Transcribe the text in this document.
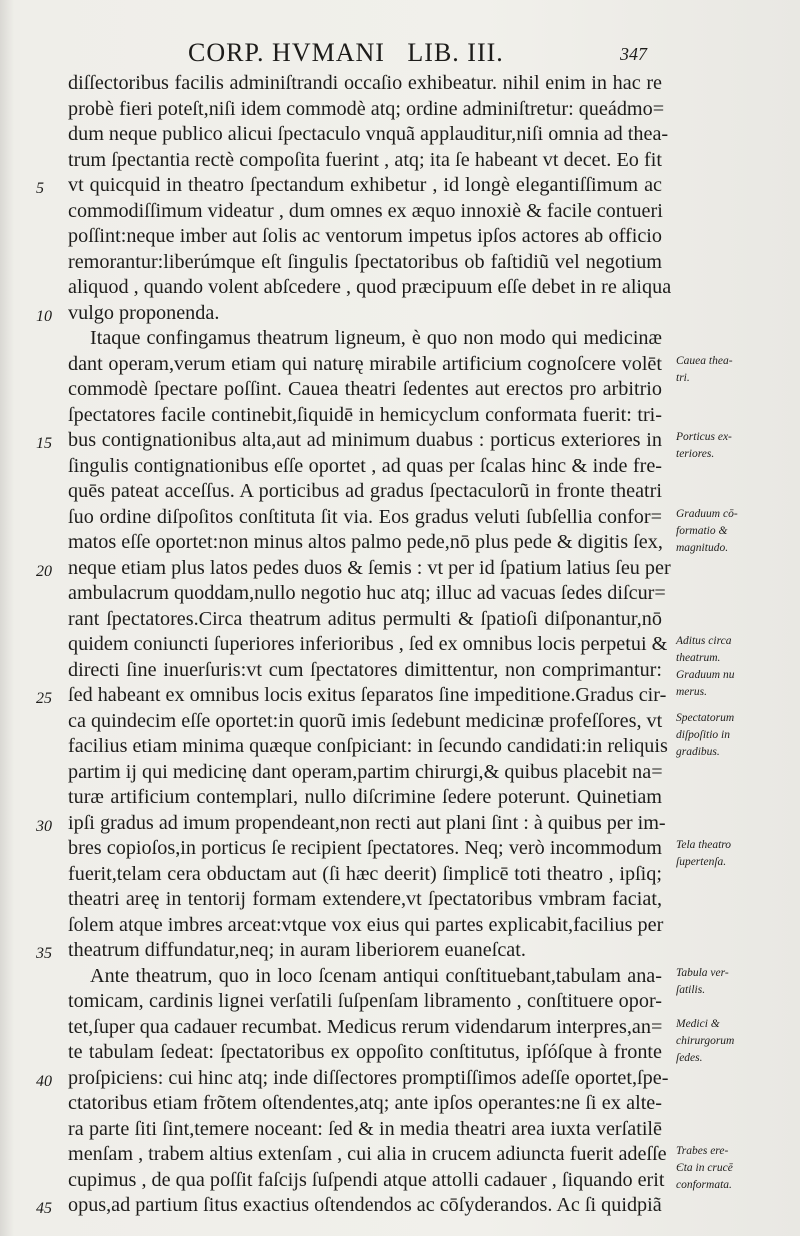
CORP. HVMANI   LIB. III.	347
diſſectoribus facilis adminiſtrandi occaſio exhibeatur. nihil enim in hac re
probè fieri poteſt,niſi idem commodè atq; ordine adminiſtretur: queádmo=
dum neque publico alicui ſpectaculo vnquã applauditur,niſi omnia ad thea-
trum ſpectantia rectè compoſita fuerint , atq; ita ſe habeant vt decet. Eo fit
vt quicquid in theatro ſpectandum exhibetur , id longè elegantiſſimum ac
commodiſſimum videatur , dum omnes ex æquo innoxiè & facile contueri
poſſint:neque imber aut ſolis ac ventorum impetus ipſos actores ab officio
remorantur:liberúmque eſt ſingulis ſpectatoribus ob faſtidiũ vel negotium
aliquod , quando volent abſcedere , quod præcipuum eſſe debet in re aliqua
vulgo proponenda.
Itaque confingamus theatrum ligneum, è quo non modo qui medicinæ
dant operam,verum etiam qui naturę mirabile artificium cognoſcere volēt
commodè ſpectare poſſint. Cauea theatri ſedentes aut erectos pro arbitrio
ſpectatores facile continebit,ſiquidē in hemicyclum conformata fuerit: tri-
bus contignationibus alta,aut ad minimum duabus : porticus exteriores in
ſingulis contignationibus eſſe oportet , ad quas per ſcalas hinc & inde fre-
quēs pateat acceſſus. A porticibus ad gradus ſpectaculorũ in fronte theatri
ſuo ordine diſpoſitos conſtituta ſit via. Eos gradus veluti ſubſellia confor=
matos eſſe oportet:non minus altos palmo pede,nō plus pede & digitis ſex,
neque etiam plus latos pedes duos & ſemis : vt per id ſpatium latius ſeu per
ambulacrum quoddam,nullo negotio huc atq; illuc ad vacuas ſedes diſcur=
rant ſpectatores.Circa theatrum aditus permulti & ſpatioſi diſponantur,nō
quidem coniuncti ſuperiores inferioribus , ſed ex omnibus locis perpetui &
directi ſine inuerſuris:vt cum ſpectatores dimittentur, non comprimantur:
ſed habeant ex omnibus locis exitus ſeparatos ſine impeditione.Gradus cir-
ca quindecim eſſe oportet:in quorũ imis ſedebunt medicinæ profeſſores, vt
facilius etiam minima quæque conſpiciant: in ſecundo candidati:in reliquis
partim ij qui medicinę dant operam,partim chirurgi,& quibus placebit na=
turæ artificium contemplari, nullo diſcrimine ſedere poterunt. Quinetiam
ipſi gradus ad imum propendeant,non recti aut plani ſint : à quibus per im-
bres copioſos,in porticus ſe recipient ſpectatores. Neq; verò incommodum
fuerit,telam cera obductam aut (ſi hæc deerit) ſimplicē toti theatro , ipſiq;
theatri areę in tentorij formam extendere,vt ſpectatoribus vmbram faciat,
ſolem atque imbres arceat:vtque vox eius qui partes explicabit,facilius per
theatrum diffundatur,neq; in auram liberiorem euaneſcat.
Ante theatrum, quo in loco ſcenam antiqui conſtituebant,tabulam ana-
tomicam, cardinis lignei verſatili ſuſpenſam libramento , conſtituere opor-
tet,ſuper qua cadauer recumbat. Medicus rerum videndarum interpres,an=
te tabulam ſedeat: ſpectatoribus ex oppoſito conſtitutus, ipſóſque à fronte
proſpiciens: cui hinc atq; inde diſſectores promptiſſimos adeſſe oportet,ſpe-
ctatoribus etiam frõtem oſtendentes,atq; ante ipſos operantes:ne ſi ex alte-
ra parte ſiti ſint,temere noceant: ſed & in media theatri area iuxta verſatilē
menſam , trabem altius extenſam , cui alia in crucem adiuncta fuerit adeſſe
cupimus , de qua poſſit faſcijs ſuſpendi atque attolli cadauer , ſiquando erit
opus,ad partium ſitus exactius oſtendendos ac cōſyderandos. Ac ſi quidpiã
5
10
15
20
25
30
35
40
45
Cauea thea-
tri.
Porticus ex-
teriores.
Graduum cō-
formatio &
magnitudo.
Aditus circa
theatrum.
Graduum nu
merus.
Spectatorum
diſpoſitio in
gradibus.
Tela theatro
ſupertenſa.
Tabula ver-
ſatilis.
Medici &
chirurgorum
ſedes.
Trabes ere-
Єta in crucē
conformata.
